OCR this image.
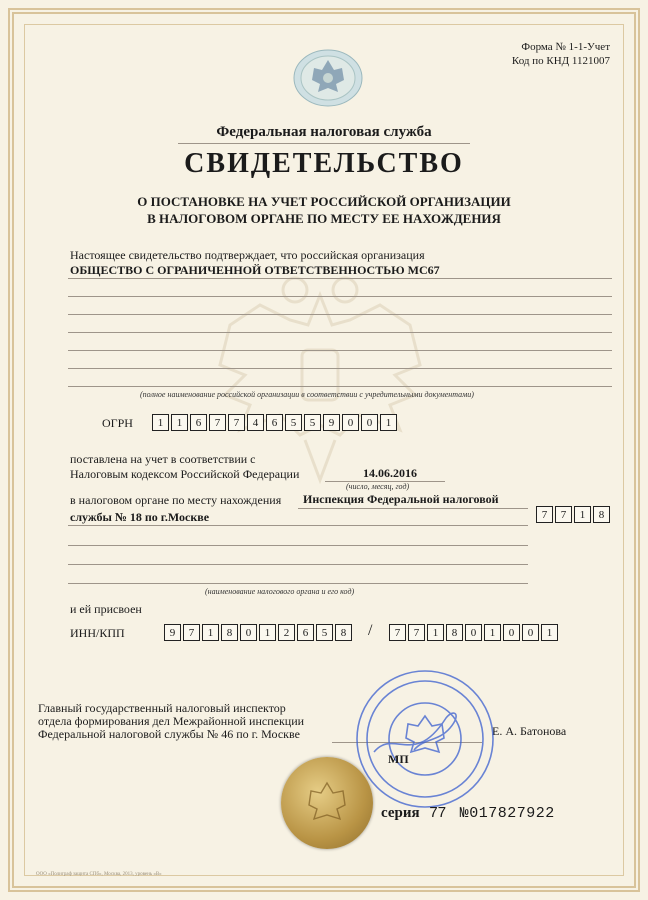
Форма № 1-1-Учет
Код по КНД 1121007
Федеральная налоговая служба
СВИДЕТЕЛЬСТВО
О ПОСТАНОВКЕ НА УЧЕТ РОССИЙСКОЙ ОРГАНИЗАЦИИ
В НАЛОГОВОМ ОРГАНЕ ПО МЕСТУ ЕЕ НАХОЖДЕНИЯ
Настоящее свидетельство подтверждает, что российская организация
ОБЩЕСТВО С ОГРАНИЧЕННОЙ ОТВЕТСТВЕННОСТЬЮ МС67
(полное наименование российской организации в соответствии с учредительными документами)
ОГРН	1	1	6	7	7	4	6	5	5	9	0	0	1
поставлена на учет в соответствии с
Налоговым кодексом Российской Федерации	14.06.2016
(число, месяц, год)
в налоговом органе по месту нахождения Инспекция Федеральной налоговой
службы № 18 по г.Москве	7	7	1	8
(наименование налогового органа и его код)
и ей присвоен
ИНН/КПП	9	7	1	8	0	1	2	6	5	8	/	7	7	1	8	0	1	0	0	1
Главный государственный налоговый инспектор
отдела формирования дел Межрайонной инспекции
Федеральной налоговой службы № 46 по г. Москве	Е. А. Батонова
МП
серия 77 №017827922
ООО «Полиграф защита СПб», Москва, 2013, уровень «В»
